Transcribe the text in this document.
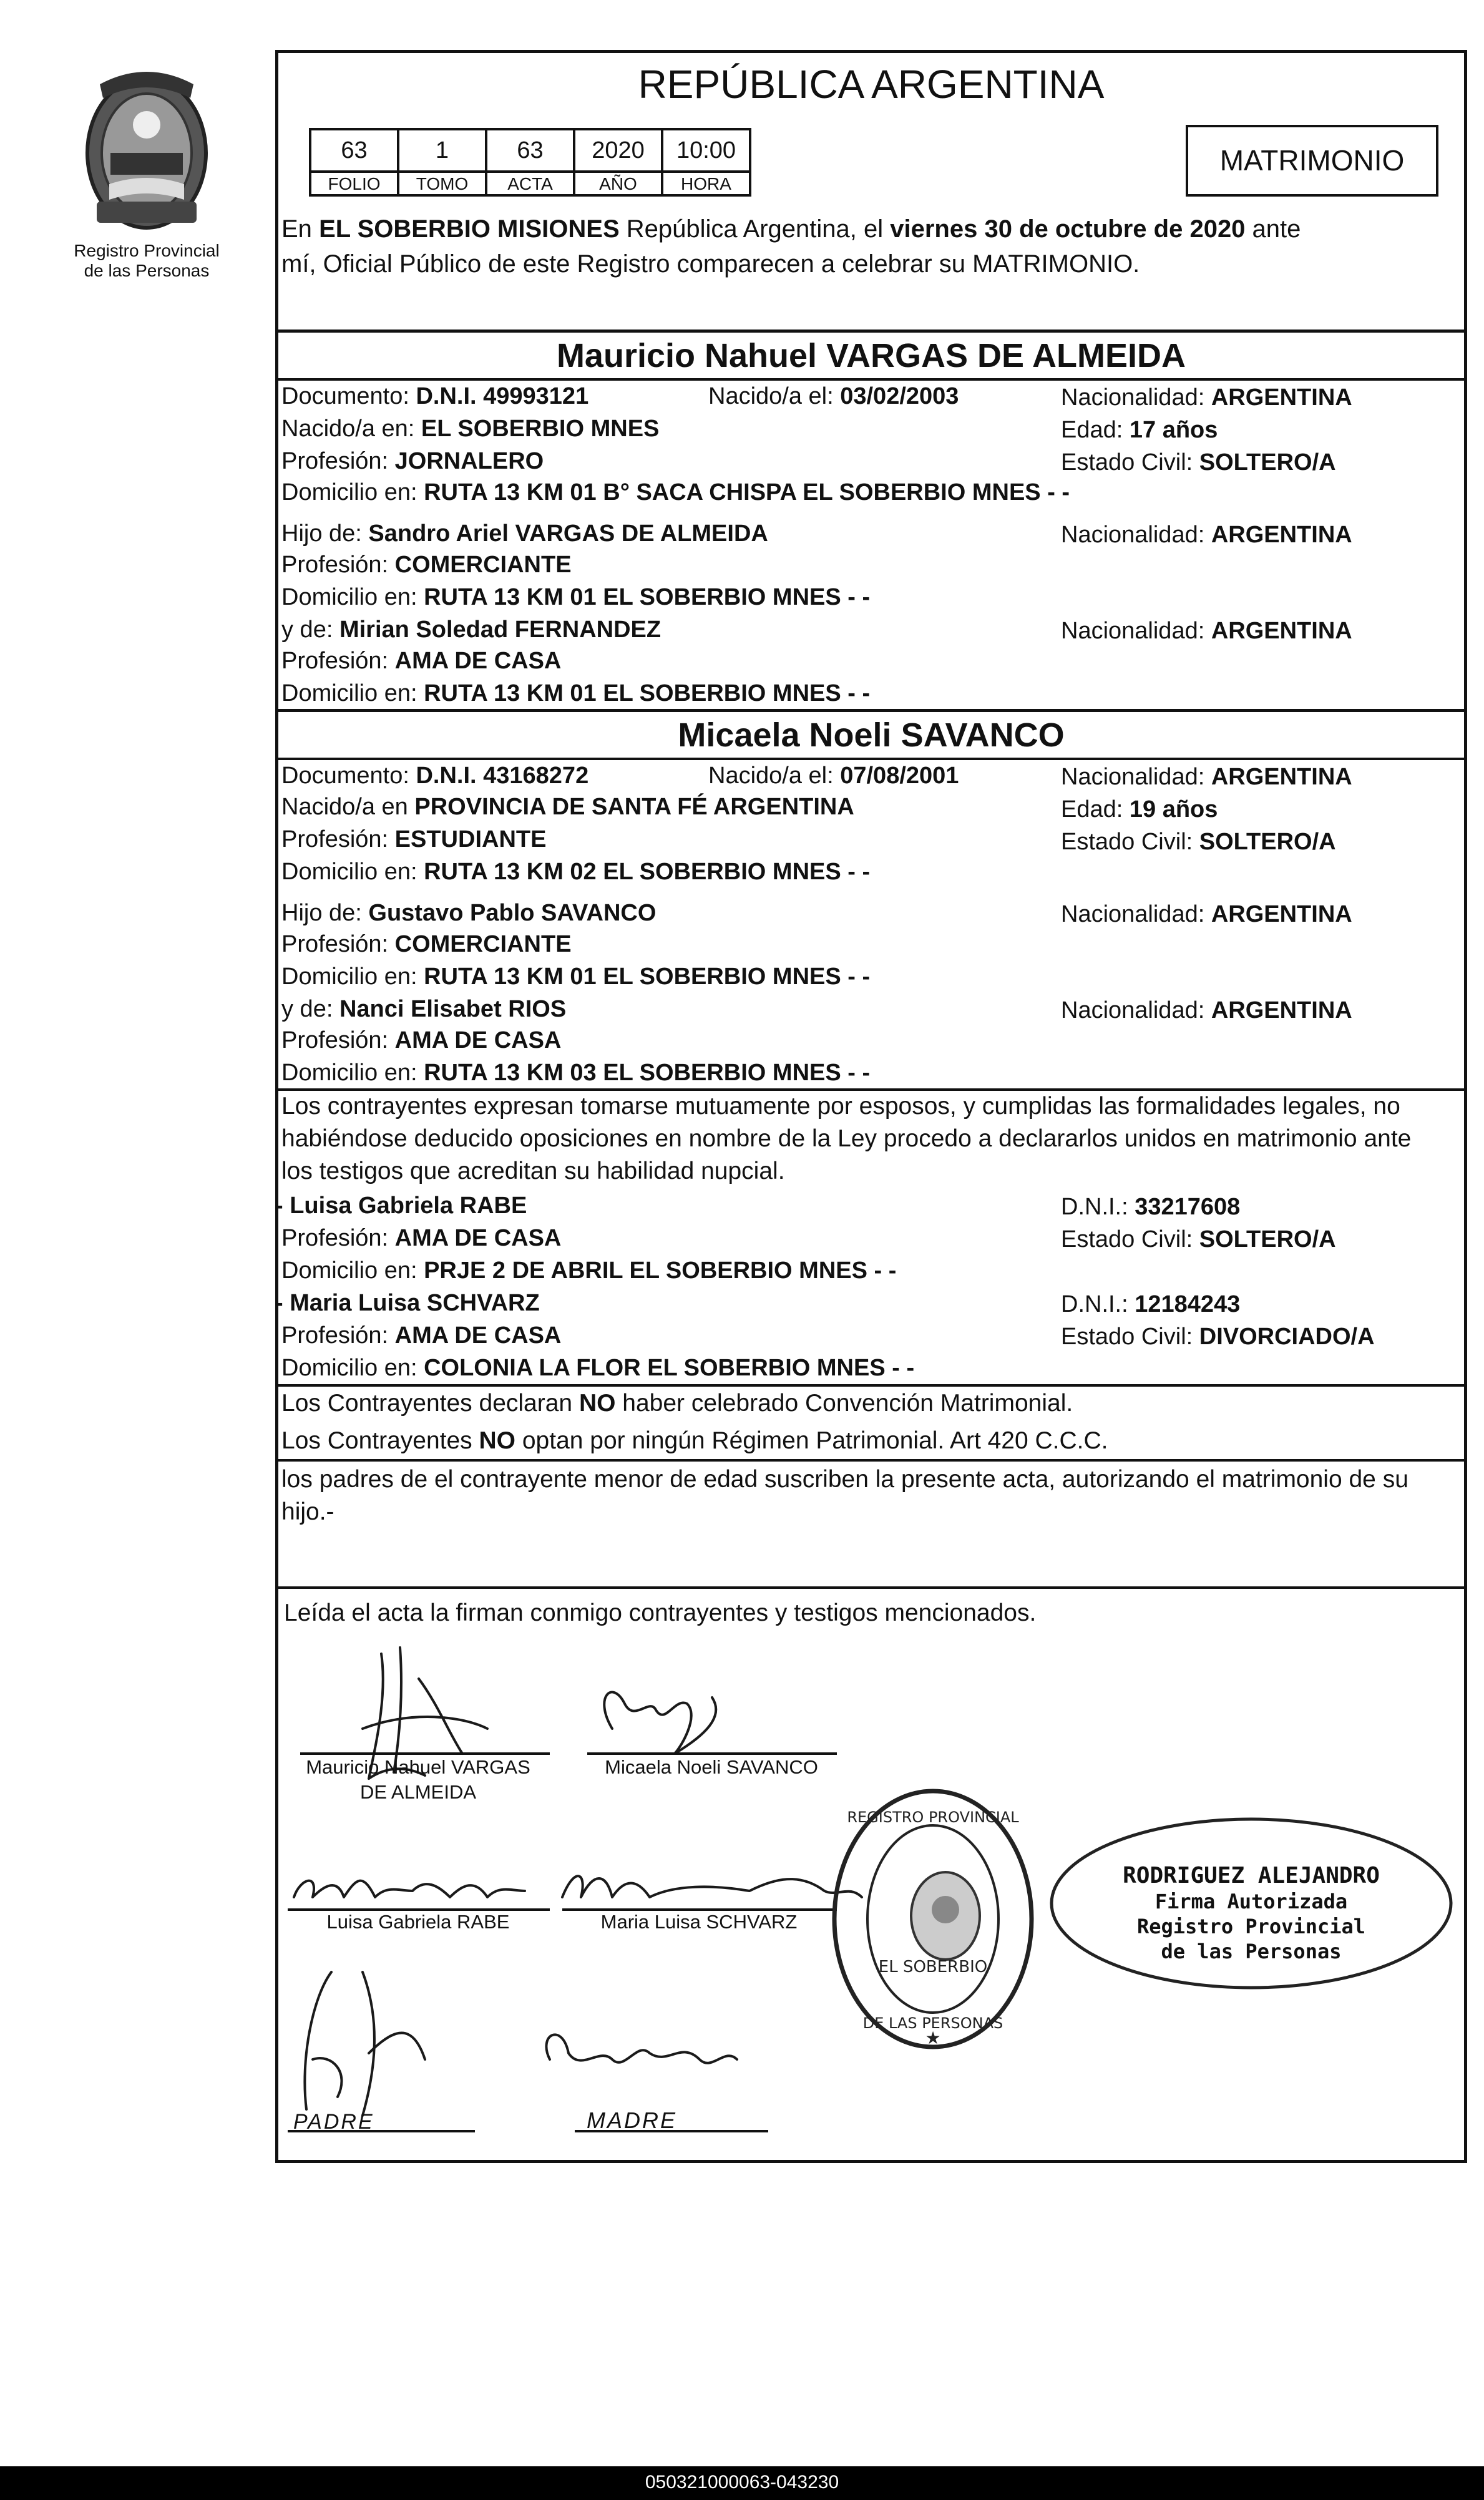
Registro Provincial
de las Personas
REPÚBLICA ARGENTINA
63	1	63	2020	10:00
FOLIO	TOMO	ACTA	AÑO	HORA
MATRIMONIO
En EL SOBERBIO MISIONES República Argentina, el viernes 30 de octubre de 2020 ante
mí, Oficial Público de este Registro comparecen a celebrar su MATRIMONIO.
Mauricio Nahuel VARGAS DE ALMEIDA
Documento: D.N.I. 49993121	Nacido/a el: 03/02/2003	Nacionalidad: ARGENTINA
Nacido/a en: EL SOBERBIO MNES	Edad: 17 años
Profesión: JORNALERO	Estado Civil: SOLTERO/A
Domicilio en: RUTA 13 KM 01 B° SACA CHISPA EL SOBERBIO MNES - -
Hijo de: Sandro Ariel VARGAS DE ALMEIDA	Nacionalidad: ARGENTINA
Profesión: COMERCIANTE
Domicilio en: RUTA 13 KM 01 EL SOBERBIO MNES - -
y de: Mirian Soledad FERNANDEZ	Nacionalidad: ARGENTINA
Profesión: AMA DE CASA
Domicilio en: RUTA 13 KM 01 EL SOBERBIO MNES - -
Micaela Noeli SAVANCO
Documento: D.N.I. 43168272	Nacido/a el: 07/08/2001	Nacionalidad: ARGENTINA
Nacido/a en PROVINCIA DE SANTA FÉ ARGENTINA	Edad: 19 años
Profesión: ESTUDIANTE	Estado Civil: SOLTERO/A
Domicilio en: RUTA 13 KM 02 EL SOBERBIO MNES - -
Hijo de: Gustavo Pablo SAVANCO	Nacionalidad: ARGENTINA
Profesión: COMERCIANTE
Domicilio en: RUTA 13 KM 01 EL SOBERBIO MNES - -
y de: Nanci Elisabet RIOS	Nacionalidad: ARGENTINA
Profesión: AMA DE CASA
Domicilio en: RUTA 13 KM 03 EL SOBERBIO MNES - -
Los contrayentes expresan tomarse mutuamente por esposos, y cumplidas las formalidades legales, no
habiéndose deducido oposiciones en nombre de la Ley procedo a declararlos unidos en matrimonio ante
los testigos que acreditan su habilidad nupcial.
- Luisa Gabriela RABE	D.N.I.: 33217608
Profesión: AMA DE CASA	Estado Civil: SOLTERO/A
Domicilio en: PRJE 2 DE ABRIL EL SOBERBIO MNES - -
- Maria Luisa SCHVARZ	D.N.I.: 12184243
Profesión: AMA DE CASA	Estado Civil: DIVORCIADO/A
Domicilio en: COLONIA LA FLOR EL SOBERBIO MNES - -
Los Contrayentes declaran NO haber celebrado Convención Matrimonial.
Los Contrayentes NO optan por ningún Régimen Patrimonial. Art 420 C.C.C.
los padres de el contrayente menor de edad suscriben la presente acta, autorizando el matrimonio de su
hijo.-
Leída el acta la firman conmigo contrayentes y testigos mencionados.
Mauricio Nahuel VARGAS
DE ALMEIDA
Micaela Noeli SAVANCO
Luisa Gabriela RABE	Maria Luisa SCHVARZ
PADRE	MADRE
REGISTRO PROVINCIAL
DE LAS PERSONAS
EL SOBERBIO
★
RODRIGUEZ ALEJANDRO
Firma Autorizada
Registro Provincial
de las Personas
050321000063-043230
